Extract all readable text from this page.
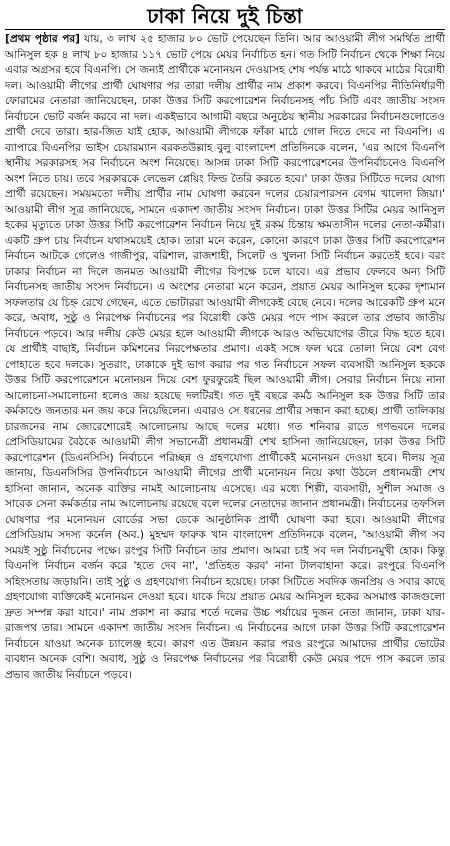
ঢাকা নিয়ে দুই চিন্তা
[ প্রথম পৃষ্ঠার পর ] যায়, ৩ লাখ ২৫ হাজার ৮০ ভোট পেয়েছেন তিনি। আর আওয়ামী লীগ সমর্থিত প্রার্থী আনিসুল হক ৪ লাখ ৮০ হাজার ১১৭ ভোট পেয়ে মেয়র নির্বাচিত হন। গত সিটি নির্বাচন থেকে শিক্ষা নিয়ে এবার অগ্রসর হবে বিএনপি। সে জন্যই প্রার্থীকে মনোনয়ন দেওয়াসহ শেষ পর্যন্ত মাঠে থাকবে মাঠের বিরোধী দল। আওয়ামী লীগের প্রার্থী ঘোষণার পর তারা দলীয় প্রার্থীর নাম প্রকাশ করবে। বিএনপির নীতিনির্ধারণী ফোরামের নেতারা জানিয়েছেন, ঢাকা উত্তর সিটি করপোরেশন নির্বাচনসহ পাঁচ সিটি এবং জাতীয় সংসদ নির্বাচনে ভোট বর্জন করবে না দল। একইভাবে আগামী বছরে অনুষ্ঠেয় স্থানীয় সরকারের নির্বাচনগুলোতেও প্রার্থী দেবে তারা। হার-জিত যাই হোক, আওয়ামী লীগকে ফাঁকা মাঠে গোল দিতে দেবে না বিএনপি। এ ব্যাপারে বিএনপির ভাইস চেয়ারম্যান বরকতউল্লাহ বুলু বাংলাদেশ প্রতিদিনকে বলেন, 'এর আগে বিএনপি স্থানীয় সরকারসহ সব নির্বাচনে অংশ নিয়েছে। আসন্ন ঢাকা সিটি করপোরেশনের উপনির্বাচনেও বিএনপি অংশ নিতে চায়। তবে সরকারকে লেভেল প্লেয়িং ফিল্ড তৈরি করতে হবে।' ঢাকা উত্তর সিটিতে দলের যোগ্য প্রার্থী রয়েছেন। সময়মতো দলীয় প্রার্থীর নাম ঘোষণা করবেন দলের চেয়ারপারসন বেগম খালেদা জিয়া।' আওয়ামী লীগ সূত্র জানিয়েছে, সামনে একাদশ জাতীয় সংসদ নির্বাচন। ঢাকা উত্তর সিটির মেয়র আনিসুল হকের মৃত্যুতে ঢাকা উত্তর সিটি করপোরেশন নির্বাচন নিয়ে দুই রকম চিন্তায় ক্ষমতাসীন দলের নেতা-কর্মীরা। একটি গ্রুপ চায় নির্বাচন যথাসময়েই হোক। তারা মনে করেন, কোনো কারণে ঢাকা উত্তর সিটি করপোরেশন নির্বাচন আটকে গেলেও গাজীপুর, বরিশাল, রাজশাহী, সিলেট ও খুলনা সিটি নির্বাচন করতেই হবে। বরং ঢাকার নির্বাচন না দিলে জনমত আওয়ামী লীগের বিপক্ষে চলে যাবে। এর প্রভাব ফেলবে অন্য সিটি নির্বাচনসহ জাতীয় সংসদ নির্বাচনে। এ অংশের নেতারা মনে করেন, প্রয়াত মেয়র আনিসুল হকের দৃশ্যমান সফলতার যে চিহ্ন রেখে গেছেন, এতে ভোটাররা আওয়ামী লীগকেই বেছে নেবে। দলের আরেকটি গ্রুপ মনে করে, অবাধ, সুষ্ঠু ও নিরপেক্ষ নির্বাচনের পর বিরোধী কেউ মেয়র পদে পাস করলে তার প্রভাব জাতীয় নির্বাচনে পড়বে। আর দলীয় কেউ মেয়র হলে আওয়ামী লীগকে আরও অভিযোগের তীরে বিদ্ধ হতে হবে। যে প্রার্থীই বাছাই, নির্বাচন কমিশনের নিরপেক্ষতার প্রমাণ। একই সঙ্গে ফল ঘরে তোলা নিয়ে বেশ বেগ পোহাতে হবে দলকে। সুতরাং, ঢাকাকে দুই ভাগ করার পর গত নির্বাচনে সফল ব্যবসায়ী আনিসুল হককে উত্তর সিটি করপোরেশনে মনোনয়ন দিয়ে বেশ ফুরফুরেই ছিল আওয়ামী লীগ। সেবার নির্বাচন নিয়ে নানা আলোচনা-সমালোচনা হলেও জয় হয়েছে দলটিরই। গত দুই বছরে কর্মঠ আনিসুল হক উত্তর সিটি তার কর্মকাণ্ডে জনতার মন জয় করে নিয়েছিলেন। এবারও সে ধরনের প্রার্থীর সন্ধান করা হচ্ছে। প্রার্থী তালিকায় চারজনের নাম জোরেশোরেই আলোচনায় আছে দলের মধ্যে। গত শনিবার রাতে গণভবনে দলের প্রেসিডিয়ামের বৈঠকে আওয়ামী লীগ সভানেত্রী প্রধানমন্ত্রী শেখ হাসিনা জানিয়েছেন, ঢাকা উত্তর সিটি করপোরেশন (ডিএনসিসি) নির্বাচনে পরিচ্ছন্ন ও গ্রহণযোগ্য প্রার্থীকেই মনোনয়ন দেওয়া হবে। দীলয় সূত্র জানায়, ডিএনসিসির উপনির্বাচনে আওয়ামী লীগের প্রার্থী মনোনয়ন নিয়ে কথা উঠলে প্রধানমন্ত্রী শেখ হাসিনা জানান, অনেক ব্যক্তির নামই আলোচনায় এসেছে। এর মধ্যে শিল্পী, ব্যবসায়ী, সুশীল সমাজ ও সাবেক সেনা কর্মকর্তার নাম আলোচনায় রয়েছে বলে দলের নেতাদের জানান প্রধানমন্ত্রী। নির্বাচনের তফসিল ঘোষণার পর মনোনয়ন বোর্ডের সভা ডেকে আনুষ্ঠানিক প্রার্থী ঘোষণা করা হবে। আওয়ামী লীগের প্রেসিডিয়াম সদস্য কর্নেল (অব.) মুহম্মদ ফারুক খান বাংলাদেশ প্রতিদিনকে বলেন, 'আওয়ামী লীগ সব সময়ই সুষ্ঠু নির্বাচনের পক্ষে। রংপুর সিটি নির্বাচন তার প্রমাণ। আমরা চাই সব দল নির্বাচনমুখী হোক। কিন্তু বিএনপি নির্বাচন বর্জন করে 'হতে দেব না', 'প্রতিহত করব' নানা টালবাহানা করে। রংপুরে বিএনপি সহিংসতায় জড়ায়নি। তাই সুষ্ঠু ও গ্রহণযোগ্য নির্বাচন হয়েছে। ঢাকা সিটিতে সবদিক জনপ্রিয় ও সবার কাছে গ্রহণযোগ্য ব্যক্তিকেই মনোনয়ন দেওয়া হবে। যাকে দিয়ে প্রয়াত মেয়র আনিসুল হকের অসমাপ্ত কাজগুলো দ্রুত সম্পন্ন করা যাবে।' নাম প্রকাশ না করার শর্তে দলের উচ্চ পর্যায়ের দুজন নেতা জানান, ঢাকা যার-রাজপথ তার। সামনে একাদশ জাতীয় সংসদ নির্বাচন। এ নির্বাচনের আগে ঢাকা উত্তর সিটি করপোরেশন নির্বাচনে যাওয়া অনেক চ্যালেঞ্জ হবে। কারণ এত উন্নয়ন করার পরও রংপুরে আমাদের প্রার্থীর ভোটের ব্যবধান অনেক বেশি। অবাধ, সুষ্ঠু ও নিরপেক্ষ নির্বাচনের পর বিরোধী কেউ মেয়র পদে পাস করলে তার প্রভাব জাতীয় নির্বাচনে পড়বে।
